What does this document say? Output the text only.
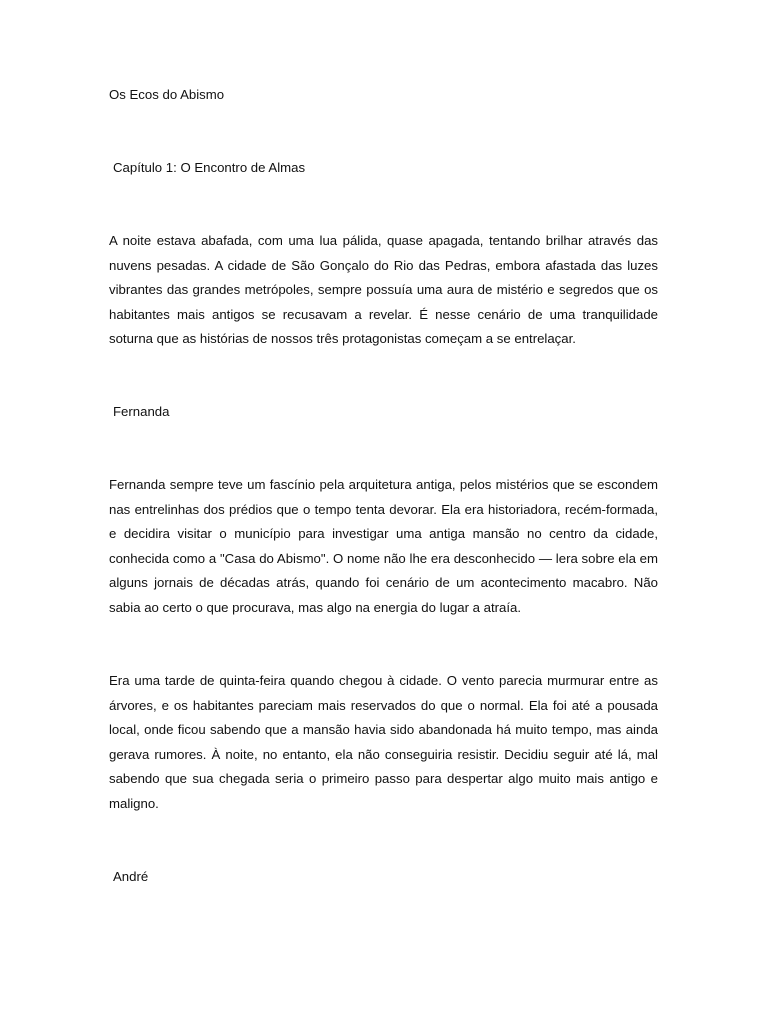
Os Ecos do Abismo
Capítulo 1: O Encontro de Almas
A noite estava abafada, com uma lua pálida, quase apagada, tentando brilhar através das nuvens pesadas. A cidade de São Gonçalo do Rio das Pedras, embora afastada das luzes vibrantes das grandes metrópoles, sempre possuía uma aura de mistério e segredos que os habitantes mais antigos se recusavam a revelar. É nesse cenário de uma tranquilidade soturna que as histórias de nossos três protagonistas começam a se entrelaçar.
Fernanda
Fernanda sempre teve um fascínio pela arquitetura antiga, pelos mistérios que se escondem nas entrelinhas dos prédios que o tempo tenta devorar. Ela era historiadora, recém-formada, e decidira visitar o município para investigar uma antiga mansão no centro da cidade, conhecida como a "Casa do Abismo". O nome não lhe era desconhecido — lera sobre ela em alguns jornais de décadas atrás, quando foi cenário de um acontecimento macabro. Não sabia ao certo o que procurava, mas algo na energia do lugar a atraía.
Era uma tarde de quinta-feira quando chegou à cidade. O vento parecia murmurar entre as árvores, e os habitantes pareciam mais reservados do que o normal. Ela foi até a pousada local, onde ficou sabendo que a mansão havia sido abandonada há muito tempo, mas ainda gerava rumores. À noite, no entanto, ela não conseguiria resistir. Decidiu seguir até lá, mal sabendo que sua chegada seria o primeiro passo para despertar algo muito mais antigo e maligno.
André
